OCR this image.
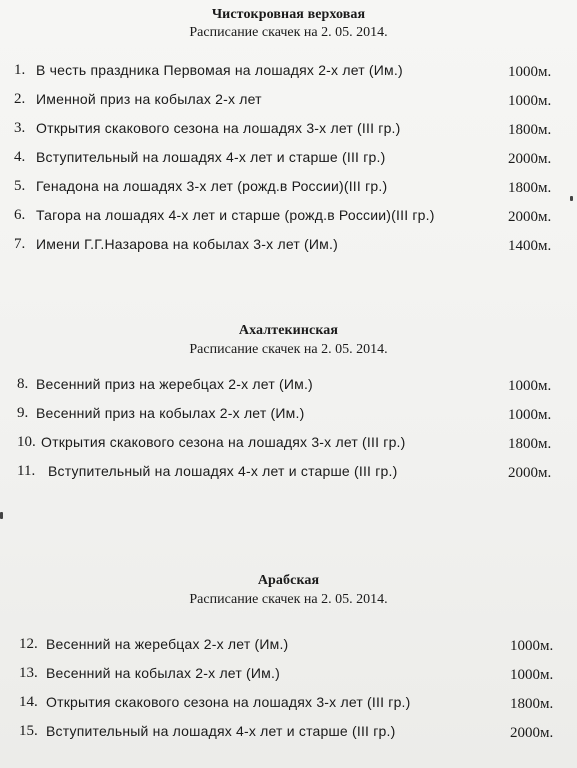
Чистокровная верховая
Расписание скачек на 2. 05. 2014.
1. В честь праздника Первомая на лошадях 2-х лет (Им.)	1000м.
2. Именной приз на кобылах 2-х лет	1000м.
3. Открытия скакового сезона на лошадях 3-х лет (III гр.)	1800м.
4. Вступительный на лошадях 4-х лет и старше (III гр.)	2000м.
5. Генадона на лошадях 3-х лет (рожд.в России)(III гр.)	1800м.
6. Тагора на лошадях 4-х лет и старше (рожд.в России)(III гр.)	2000м.
7. Имени Г.Г.Назарова на кобылах 3-х лет (Им.)	1400м.
Ахалтекинская
Расписание скачек на 2. 05. 2014.
8. Весенний приз на жеребцах 2-х лет (Им.)	1000м.
9. Весенний приз на кобылах 2-х лет (Им.)	1000м.
10. Открытия скакового сезона на лошадях 3-х лет (III гр.)	1800м.
11. Вступительный на лошадях 4-х лет и старше (III гр.)	2000м.
Арабская
Расписание скачек на 2. 05. 2014.
12. Весенний на жеребцах 2-х лет (Им.)	1000м.
13. Весенний на кобылах 2-х лет (Им.)	1000м.
14. Открытия скакового сезона на лошадях 3-х лет (III гр.)	1800м.
15. Вступительный на лошадях 4-х лет и старше (III гр.)	2000м.
